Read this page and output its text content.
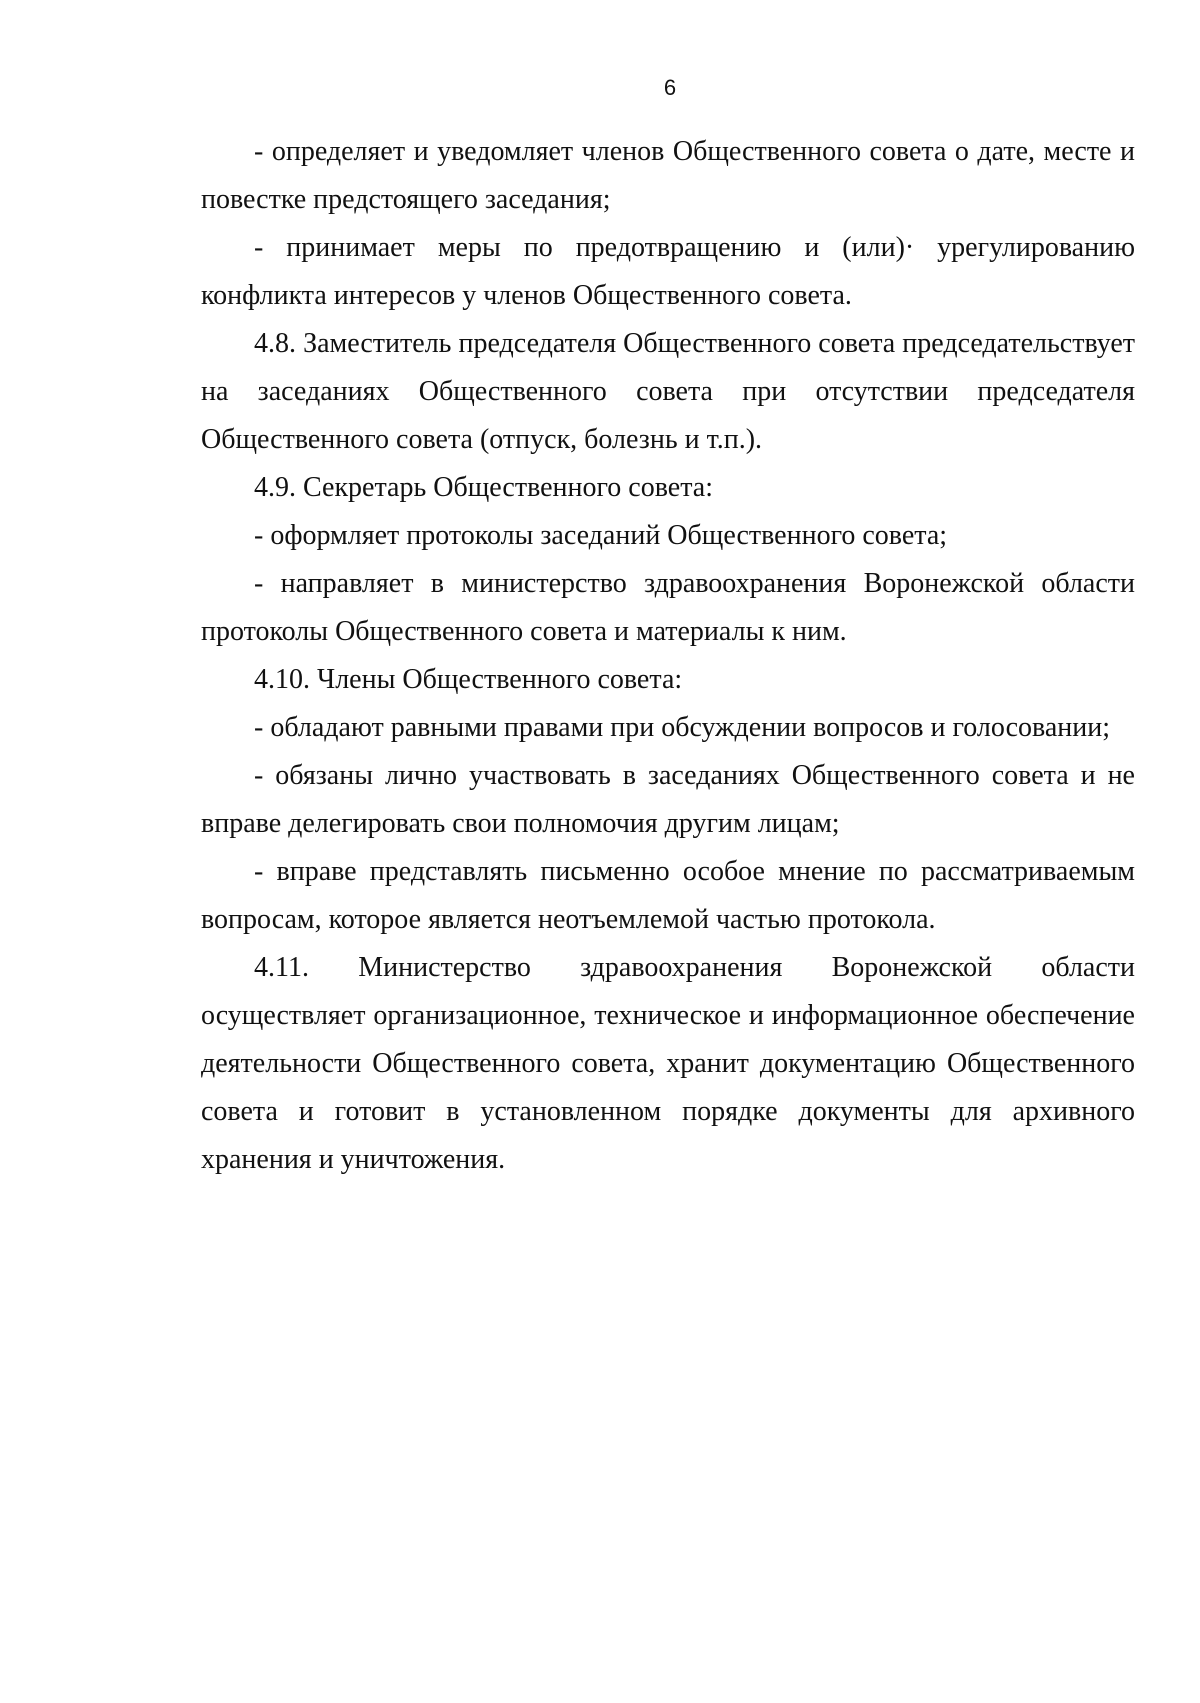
6

- определяет и уведомляет членов Общественного совета о дате, месте и повестке предстоящего заседания;

- принимает меры по предотвращению и (или)· урегулированию конфликта интересов у членов Общественного совета.

4.8. Заместитель председателя Общественного совета председательствует на заседаниях Общественного совета при отсутствии председателя Общественного совета (отпуск, болезнь и т.п.).

4.9. Секретарь Общественного совета:

- оформляет протоколы заседаний Общественного совета;

- направляет в министерство здравоохранения Воронежской области протоколы Общественного совета и материалы к ним.

4.10. Члены Общественного совета:

- обладают равными правами при обсуждении вопросов и голосовании;

- обязаны лично участвовать в заседаниях Общественного совета и не вправе делегировать свои полномочия другим лицам;

- вправе представлять письменно особое мнение по рассматриваемым вопросам, которое является неотъемлемой частью протокола.

4.11. Министерство здравоохранения Воронежской области осуществляет организационное, техническое и информационное обеспечение деятельности Общественного совета, хранит документацию Общественного совета и готовит в установленном порядке документы для архивного хранения и уничтожения.
